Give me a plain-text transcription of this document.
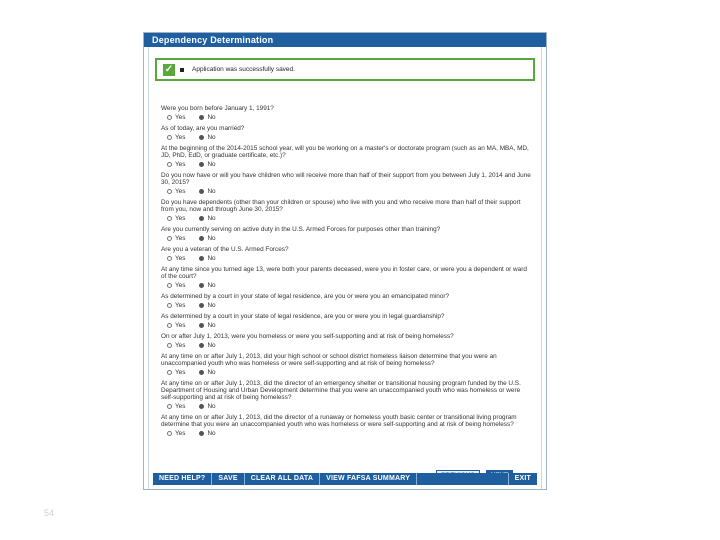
Dependency Determination
✓	Application was successfully saved.
Were you born before January 1, 1991?
Yes	No
As of today, are you married?
Yes	No
At the beginning of the 2014-2015 school year, will you be working on a master's or doctorate program (such as an MA, MBA, MD, JD, PhD, EdD, or graduate certificate, etc.)?
Yes	No
Do you now have or will you have children who will receive more than half of their support from you between July 1, 2014 and June 30, 2015?
Yes	No
Do you have dependents (other than your children or spouse) who live with you and who receive more than half of their support from you, now and through June 30, 2015?
Yes	No
Are you currently serving on active duty in the U.S. Armed Forces for purposes other than training?
Yes	No
Are you a veteran of the U.S. Armed Forces?
Yes	No
At any time since you turned age 13, were both your parents deceased, were you in foster care, or were you a dependent or ward of the court?
Yes	No
As determined by a court in your state of legal residence, are you or were you an emancipated minor?
Yes	No
As determined by a court in your state of legal residence, are you or were you in legal guardianship?
Yes	No
On or after July 1, 2013, were you homeless or were you self-supporting and at risk of being homeless?
Yes	No
At any time on or after July 1, 2013, did your high school or school district homeless liaison determine that you were an unaccompanied youth who was homeless or were self-supporting and at risk of being homeless?
Yes	No
At any time on or after July 1, 2013, did the director of an emergency shelter or transitional housing program funded by the U.S. Department of Housing and Urban Development determine that you were an unaccompanied youth who was homeless or were self-supporting and at risk of being homeless?
Yes	No
At any time on or after July 1, 2013, did the director of a runaway or homeless youth basic center or transitional living program determine that you were an unaccompanied youth who was homeless or were self-supporting and at risk of being homeless?
Yes	No
NEED HELP?	SAVE	CLEAR ALL DATA	VIEW FAFSA SUMMARY	EXIT
54
